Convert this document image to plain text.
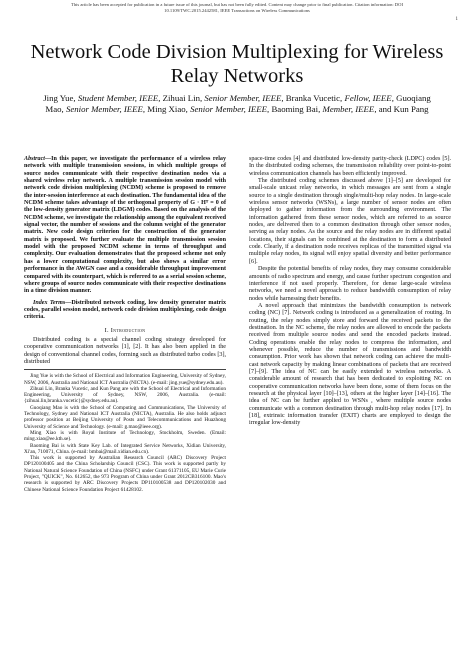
This article has been accepted for publication in a future issue of this journal, but has not been fully edited. Content may change prior to final publication. Citation information: DOI
10.1109/TWC.2015.2442581, IEEE Transactions on Wireless Communications
1
Network Code Division Multiplexing for Wireless Relay Networks
Jing Yue, Student Member, IEEE, Zihuai Lin, Senior Member, IEEE, Branka Vucetic, Fellow, IEEE, Guoqiang Mao, Senior Member, IEEE, Ming Xiao, Senior Member, IEEE, Baoming Bai, Member, IEEE, and Kun Pang

Abstract—In this paper, we investigate the performance of a wireless relay network with multiple transmission sessions, in which multiple groups of source nodes communicate with their respective destination nodes via a shared wireless relay network. A multiple transmission session model with network code division multiplexing (NCDM) scheme is proposed to remove the inter-session interference at each destination. The fundamental idea of the NCDM scheme takes advantage of the orthogonal property of G · Hᵀ = 0 of the low-density generator matrix (LDGM) codes. Based on the analysis of the NCDM scheme, we investigate the relationship among the equivalent received signal vector, the number of sessions and the column weight of the generator matrix. New code design criterion for the construction of the generator matrix is proposed. We further evaluate the multiple transmission session model with the proposed NCDM scheme in terms of throughput and complexity. Our evaluation demonstrates that the proposed scheme not only has a lower computational complexity, but also shows a similar error performance in the AWGN case and a considerable throughput improvement compared with its counterpart, which is referred to as a serial session scheme, where groups of source nodes communicate with their respective destinations in a time division manner.

Index Terms—Distributed network coding, low density generator matrix codes, parallel session model, network code division multiplexing, code design criteria.

I. Introduction

Distributed coding is a special channel coding strategy developed for cooperative communication networks [1], [2]. It has also been applied in the design of conventional channel codes, forming such as distributed turbo codes [3], distributed

Jing Yue is with the School of Electrical and Information Engineering, University of Sydney, NSW, 2006, Australia and National ICT Australia (NICTA). (e-mail: jing.yue@sydney.edu.au).

Zihuai Lin, Branka Vucetic, and Kun Pang are with the School of Electrical and Information Engineering, University of Sydney, NSW, 2006, Australia. (e-mail: {zihuai.lin,branka.vucetic}@sydney.edu.au).

Guoqiang Mao is with the School of Computing and Communications, The University of Technology, Sydney and National ICT Australia (NICTA), Australia. He also holds adjunct professor position at Beijing University of Posts and Telecommunications and Huazhong University of Science and Technology. (e-mail: g.mao@ieee.org).

Ming Xiao is with Royal Institute of Technology, Stockholm, Sweden. (Email: ming.xiao@ee.kth.se).

Baoming Bai is with State Key Lab. of Integrated Service Networks, Xidian University, Xi'an, 710071, China. (e-mail: bmbai@mail.xidian.edu.cn).

This work is supported by Australian Research Council (ARC) Discovery Project DP120100405 and the China Scholarship Council (CSC). This work is supported partly by National Natural Science Foundation of China (NSFC) under Grant 61371105, EU Marie Curie Project, "QUICK", No. 612652, the 973 Program of China under Grant 2012CB316100. Mao's research is supported by ARC Discovery Projects DP110100538 and DP120102030 and Chinese National Science Foundation Project 61428102.

space-time codes [4] and distributed low-density parity-check (LDPC) codes [5]. In the distributed coding schemes, the transmission reliability over point-to-point wireless communication channels has been efficiently improved.

The distributed coding schemes discussed above [1]–[5] are developed for small-scale unicast relay networks, in which messages are sent from a single source to a single destination through single/multi-hop relay nodes. In large-scale wireless sensor networks (WSNs), a large number of sensor nodes are often deployed to gather information from the surrounding environment. The information gathered from these sensor nodes, which are referred to as source nodes, are delivered then to a common destination through other sensor nodes, serving as relay nodes. As the source and the relay nodes are in different spatial locations, their signals can be combined at the destination to form a distributed code. Clearly, if a destination node receives replicas of the transmitted signal via multiple relay nodes, its signal will enjoy spatial diversity and better performance [6].

Despite the potential benefits of relay nodes, they may consume considerable amounts of radio spectrum and energy, and cause further spectrum congestion and interference if not used properly. Therefore, for dense large-scale wireless networks, we need a novel approach to reduce bandwidth consumption of relay nodes while harnessing their benefits.

A novel approach that minimizes the bandwidth consumption is network coding (NC) [7]. Network coding is introduced as a generalization of routing. In routing, the relay nodes simply store and forward the received packets to the destination. In the NC scheme, the relay nodes are allowed to encode the packets received from multiple source nodes and send the encoded packets instead. Coding operations enable the relay nodes to compress the information, and whenever possible, reduce the number of transmissions and bandwidth consumption. Prior work has shown that network coding can achieve the multi-cast network capacity by making linear combinations of packets that are received [7]–[9]. The idea of NC can be easily extended to wireless networks. A considerable amount of research that has been dedicated to exploiting NC on cooperative communication networks have been done, some of them focus on the research at the physical layer [10]–[13], others at the higher layer [14]–[16]. The idea of NC can be further applied to WSNs , where multiple source nodes communicate with a common destination through multi-hop relay nodes [17]. In [18], extrinsic information transfer (EXIT) charts are employed to design the irregular low-density
